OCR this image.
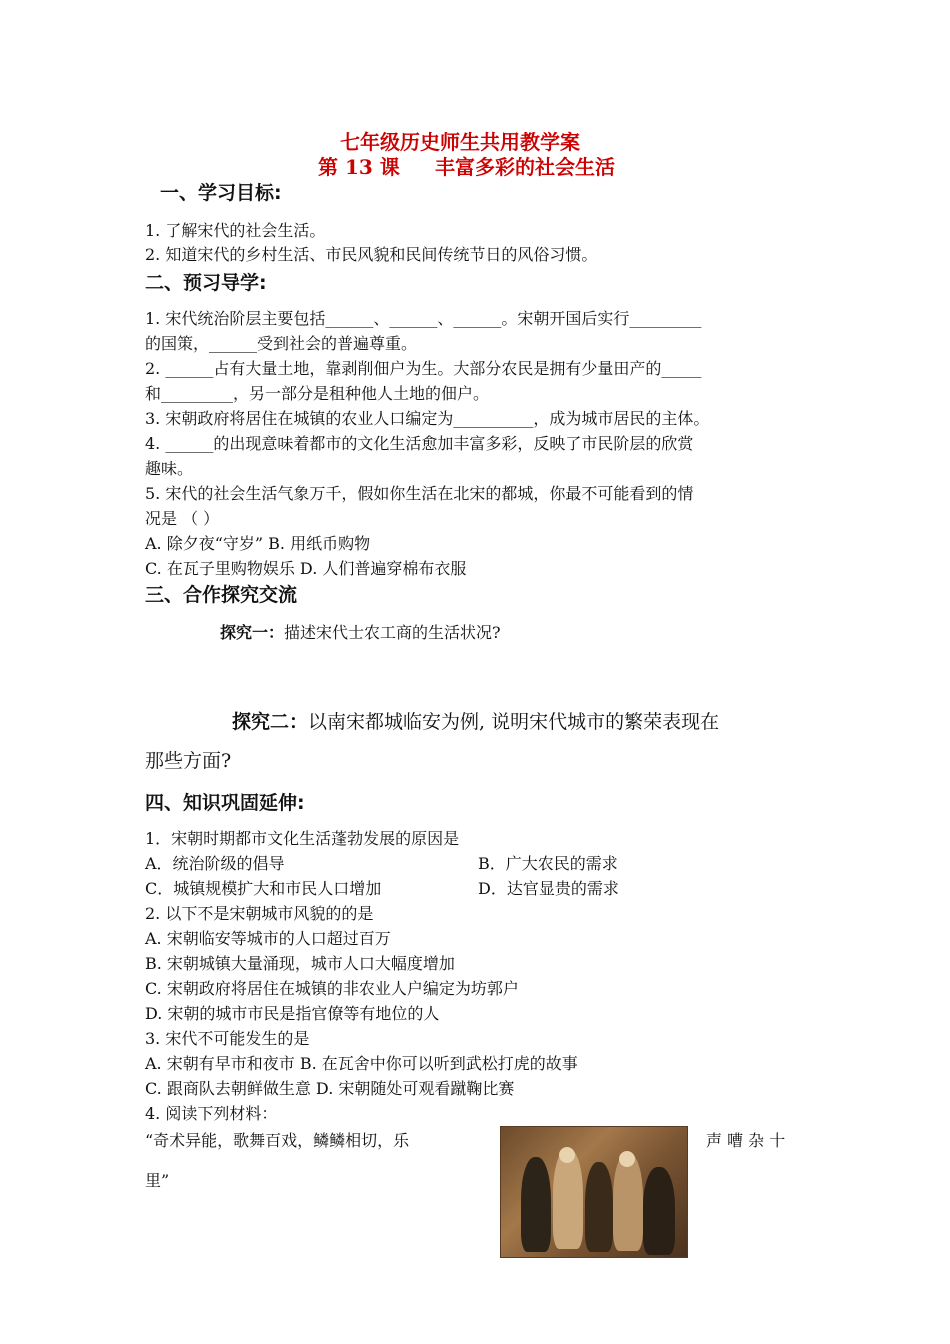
七年级历史师生共用教学案
第 13 课 丰富多彩的社会生活
一、学习目标:
1. 了解宋代的社会生活。
2. 知道宋代的乡村生活、市民风貌和民间传统节日的风俗习惯。
二、预习导学:
1. 宋代统治阶层主要包括______、______、______。宋朝开国后实行_________
的国策，______受到社会的普遍尊重。
2. ______占有大量土地，靠剥削佃户为生。大部分农民是拥有少量田产的_____
和_________，另一部分是租种他人土地的佃户。
3. 宋朝政府将居住在城镇的农业人口编定为__________，成为城市居民的主体。
4. ______的出现意味着都市的文化生活愈加丰富多彩，反映了市民阶层的欣赏
趣味。
5. 宋代的社会生活气象万千，假如你生活在北宋的都城，你最不可能看到的情
况是 （ ）
A. 除夕夜“守岁” B. 用纸币购物
C. 在瓦子里购物娱乐 D. 人们普遍穿棉布衣服
三、合作探究交流
探究一：描述宋代士农工商的生活状况?
探究二：以南宋都城临安为例, 说明宋代城市的繁荣表现在
那些方面?
四、知识巩固延伸:
1．宋朝时期都市文化生活蓬勃发展的原因是
A．统治阶级的倡导	B．广大农民的需求
C．城镇规模扩大和市民人口增加	D．达官显贵的需求
2. 以下不是宋朝城市风貌的的是
A. 宋朝临安等城市的人口超过百万
B. 宋朝城镇大量涌现，城市人口大幅度增加
C. 宋朝政府将居住在城镇的非农业人户编定为坊郭户
D. 宋朝的城市市民是指官僚等有地位的人
3. 宋代不可能发生的是
A. 宋朝有早市和夜市 B. 在瓦舍中你可以听到武松打虎的故事
C. 跟商队去朝鲜做生意 D. 宋朝随处可观看蹴鞠比赛
4. 阅读下列材料：
“奇术异能，歌舞百戏，鳞鳞相切，乐	声 嘈 杂 十
里”
